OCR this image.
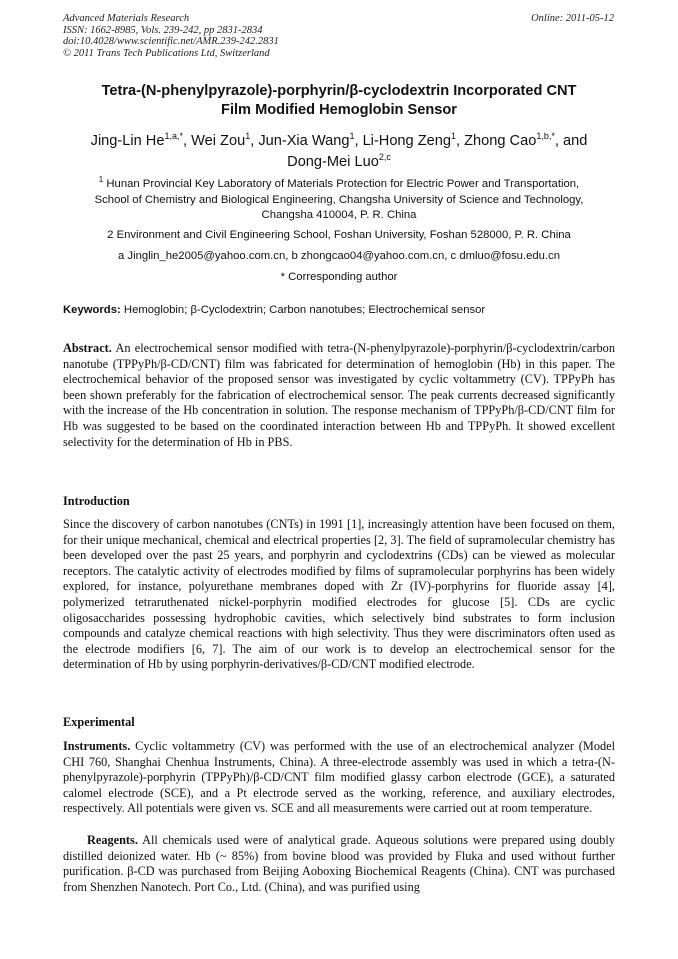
Advanced Materials Research
ISSN: 1662-8985, Vols. 239-242, pp 2831-2834
doi:10.4028/www.scientific.net/AMR.239-242.2831
© 2011 Trans Tech Publications Ltd, Switzerland
Online: 2011-05-12
Tetra-(N-phenylpyrazole)-porphyrin/β-cyclodextrin Incorporated CNT
Film Modified Hemoglobin Sensor
Jing-Lin $He^{1,a,*}$, Wei Zou$^1$, Jun-Xia Wang$^1$, Li-Hong Zeng$^1$, Zhong Cao$^{1,b,*}$, and
Dong-Mei Luo$^{2,c}$
$^1$ Hunan Provincial Key Laboratory of Materials Protection for Electric Power and Transportation,
School of Chemistry and Biological Engineering, Changsha University of Science and Technology,
Changsha 410004, P. R. China
2 Environment and Civil Engineering School, Foshan University, Foshan 528000, P. R. China
a Jinglin_he2005@yahoo.com.cn, b zhongcao04@yahoo.com.cn, c dmluo@fosu.edu.cn
* Corresponding author
Keywords: Hemoglobin; β-Cyclodextrin; Carbon nanotubes; Electrochemical sensor
Abstract. An electrochemical sensor modified with tetra-(N-phenylpyrazole)-porphyrin/β-cyclodextrin/carbon nanotube (TPPyPh/β-CD/CNT) film was fabricated for determination of hemoglobin (Hb) in this paper. The electrochemical behavior of the proposed sensor was investigated by cyclic voltammetry (CV). TPPyPh has been shown preferably for the fabrication of electrochemical sensor. The peak currents decreased significantly with the increase of the Hb concentration in solution. The response mechanism of TPPyPh/β-CD/CNT film for Hb was suggested to be based on the coordinated interaction between Hb and TPPyPh. It showed excellent selectivity for the determination of Hb in PBS.
Introduction
Since the discovery of carbon nanotubes (CNTs) in 1991 [1], increasingly attention have been focused on them, for their unique mechanical, chemical and electrical properties [2, 3]. The field of supramolecular chemistry has been developed over the past 25 years, and porphyrin and cyclodextrins (CDs) can be viewed as molecular receptors. The catalytic activity of electrodes modified by films of supramolecular porphyrins has been widely explored, for instance, polyurethane membranes doped with Zr (IV)-porphyrins for fluoride assay [4], polymerized tetraruthenated nickel-porphyrin modified electrodes for glucose [5]. CDs are cyclic oligosaccharides possessing hydrophobic cavities, which selectively bind substrates to form inclusion compounds and catalyze chemical reactions with high selectivity. Thus they were discriminators often used as the electrode modifiers [6, 7]. The aim of our work is to develop an electrochemical sensor for the determination of Hb by using porphyrin-derivatives/β-CD/CNT modified electrode.
Experimental
Instruments. Cyclic voltammetry (CV) was performed with the use of an electrochemical analyzer (Model CHI 760, Shanghai Chenhua Instruments, China). A three-electrode assembly was used in which a tetra-(N-phenylpyrazole)-porphyrin (TPPyPh)/β-CD/CNT film modified glassy carbon electrode (GCE), a saturated calomel electrode (SCE), and a Pt electrode served as the working, reference, and auxiliary electrodes, respectively. All potentials were given vs. SCE and all measurements were carried out at room temperature.
Reagents. All chemicals used were of analytical grade. Aqueous solutions were prepared using doubly distilled deionized water. Hb (~ 85%) from bovine blood was provided by Fluka and used without further purification. β-CD was purchased from Beijing Aoboxing Biochemical Reagents (China). CNT was purchased from Shenzhen Nanotech. Port Co., Ltd. (China), and was purified using
